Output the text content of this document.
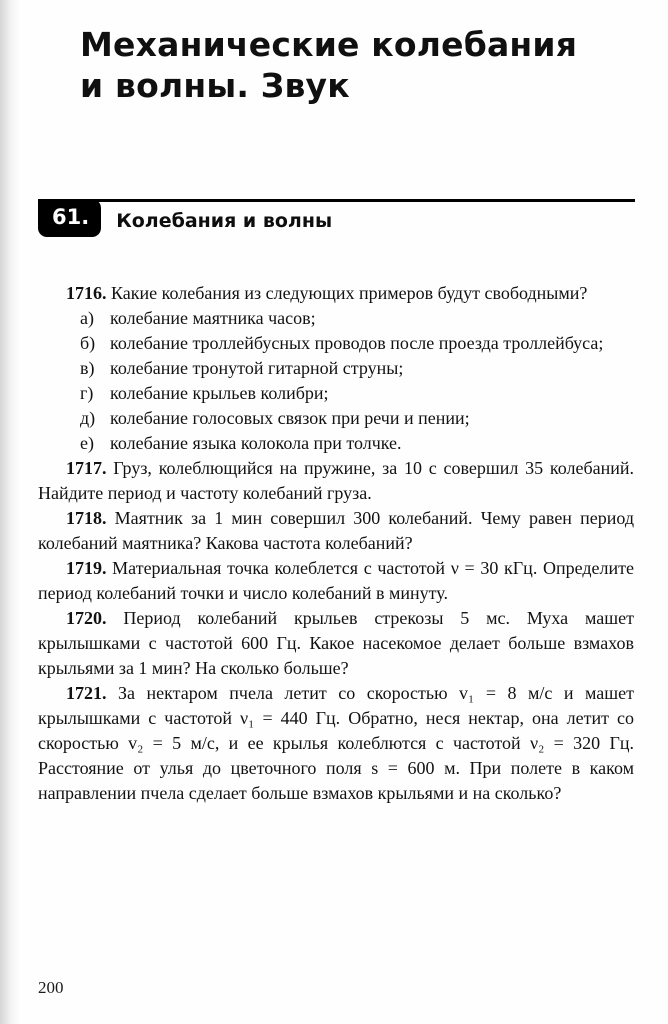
Механические колебания
и волны. Звук
61.	Колебания и волны

1716. Какие колебания из следующих примеров будут свободными?

а) колебание маятника часов;
б) колебание троллейбусных проводов после проезда троллейбуса;
в) колебание тронутой гитарной струны;
г) колебание крыльев колибри;
д) колебание голосовых связок при речи и пении;
е) колебание языка колокола при толчке.

1717. Груз, колеблющийся на пружине, за 10 с совершил 35 колебаний. Найдите период и частоту колебаний груза.

1718. Маятник за 1 мин совершил 300 колебаний. Чему равен период колебаний маятника? Какова частота колебаний?

1719. Материальная точка колеблется с частотой ν = 30 кГц. Определите период колебаний точки и число колебаний в минуту.

1720. Период колебаний крыльев стрекозы 5 мс. Муха машет крылышками с частотой 600 Гц. Какое насекомое делает больше взмахов крыльями за 1 мин? На сколько больше?

1721. За нектаром пчела летит со скоростью v₁ = 8 м/с и машет крылышками с частотой ν₁ = 440 Гц. Обратно, неся нектар, она летит со скоростью v₂ = 5 м/с, и ее крылья колеблются с частотой ν₂ = 320 Гц. Расстояние от улья до цветочного поля s = 600 м. При полете в каком направлении пчела сделает больше взмахов крыльями и на сколько?

200
